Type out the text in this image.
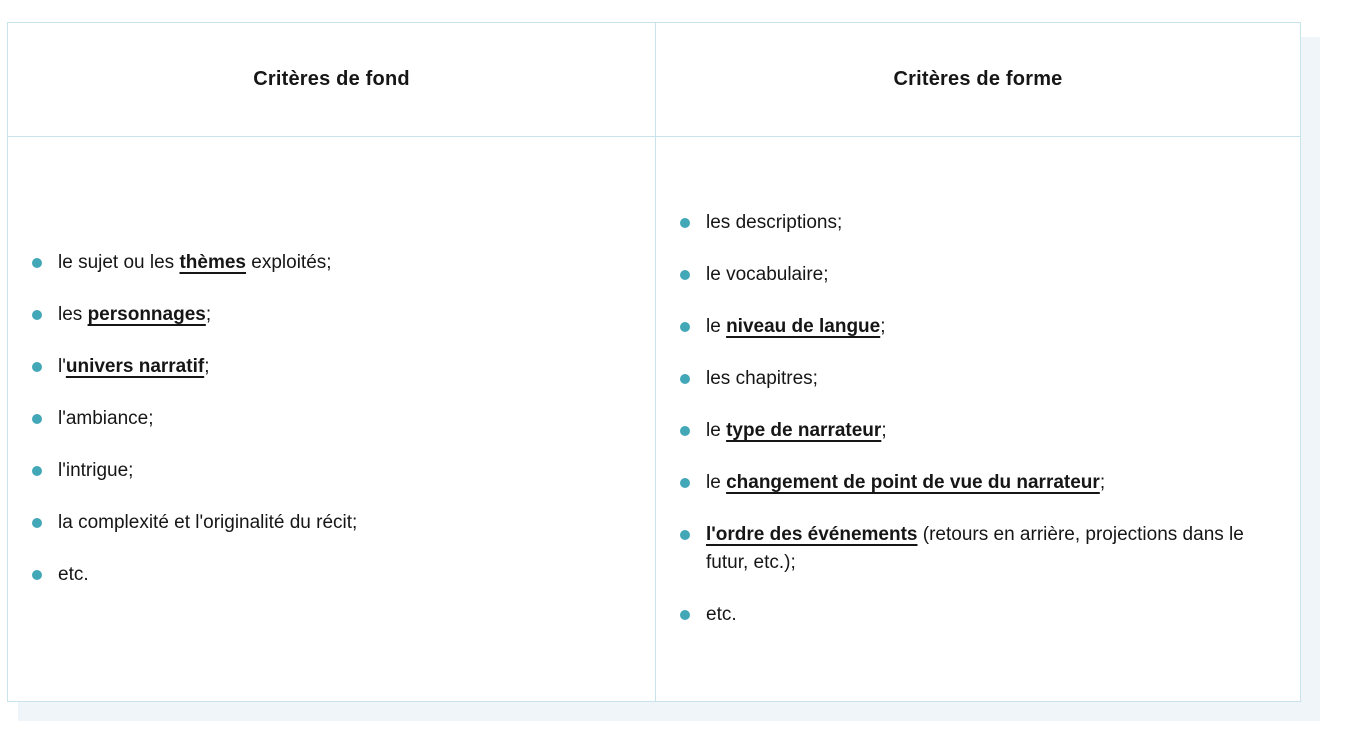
Critères de fond	Critères de forme
le sujet ou les thèmes exploités;
les personnages;
l'univers narratif;
l'ambiance;
l'intrigue;
la complexité et l'originalité du récit;
etc.
les descriptions;
le vocabulaire;
le niveau de langue;
les chapitres;
le type de narrateur;
le changement de point de vue du narrateur;
l'ordre des événements (retours en arrière, projections dans le futur, etc.);
etc.
